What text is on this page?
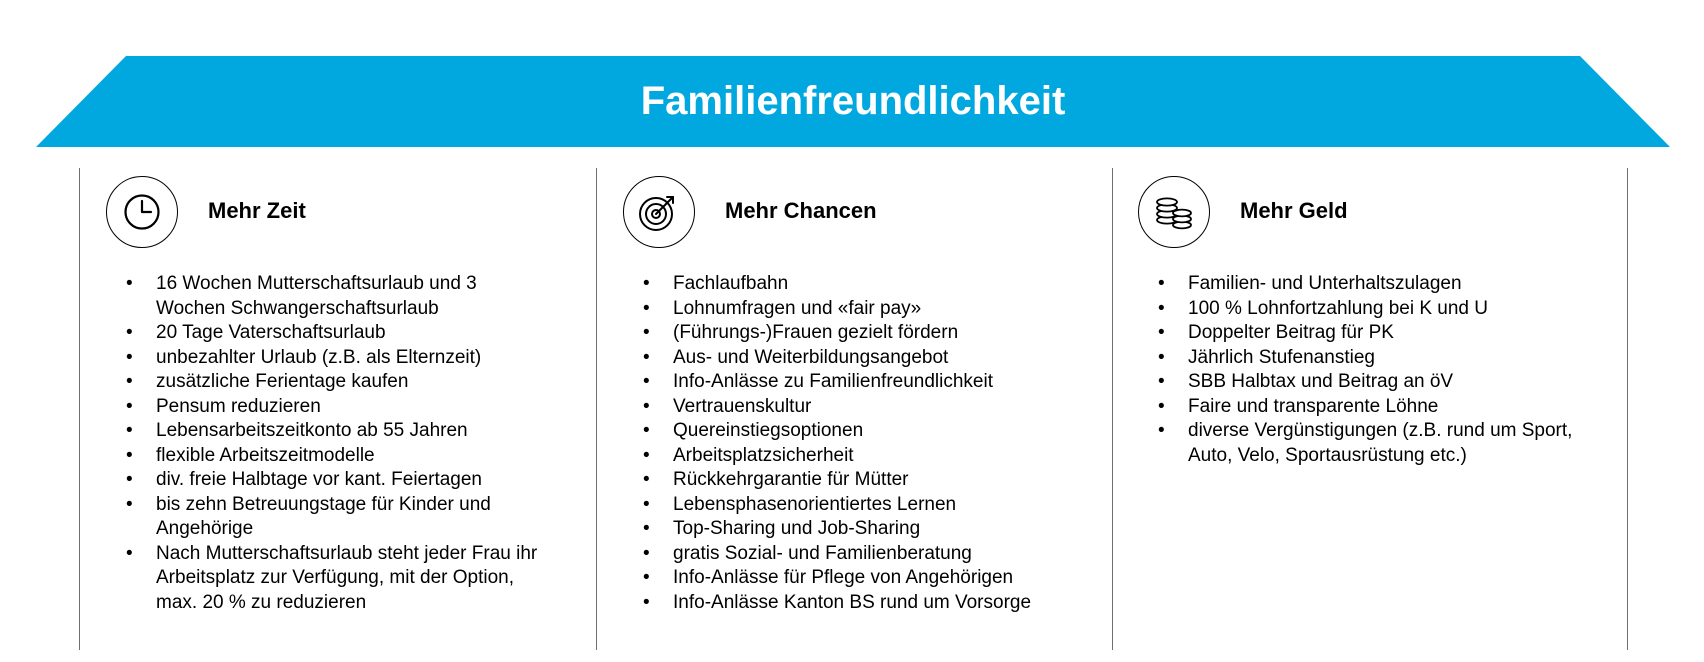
Familienfreundlichkeit
Mehr Zeit
• 16 Wochen Mutterschaftsurlaub und 3 Wochen Schwangerschaftsurlaub
• 20 Tage Vaterschaftsurlaub
• unbezahlter Urlaub (z.B. als Elternzeit)
• zusätzliche Ferientage kaufen
• Pensum reduzieren
• Lebensarbeitszeitkonto ab 55 Jahren
• flexible Arbeitszeitmodelle
• div. freie Halbtage vor kant. Feiertagen
• bis zehn Betreuungstage für Kinder und Angehörige
• Nach Mutterschaftsurlaub steht jeder Frau ihr Arbeitsplatz zur Verfügung, mit der Option, max. 20 % zu reduzieren
Mehr Chancen
• Fachlaufbahn
• Lohnumfragen und «fair pay»
• (Führungs-)Frauen gezielt fördern
• Aus- und Weiterbildungsangebot
• Info-Anlässe zu Familienfreundlichkeit
• Vertrauenskultur
• Quereinstiegsoptionen
• Arbeitsplatzsicherheit
• Rückkehrgarantie für Mütter
• Lebensphasenorientiertes Lernen
• Top-Sharing und Job-Sharing
• gratis Sozial- und Familienberatung
• Info-Anlässe für Pflege von Angehörigen
• Info-Anlässe Kanton BS rund um Vorsorge
Mehr Geld
• Familien- und Unterhaltszulagen
• 100 % Lohnfortzahlung bei K und U
• Doppelter Beitrag für PK
• Jährlich Stufenanstieg
• SBB Halbtax und Beitrag an öV
• Faire und transparente Löhne
• diverse Vergünstigungen (z.B. rund um Sport, Auto, Velo, Sportausrüstung etc.)
